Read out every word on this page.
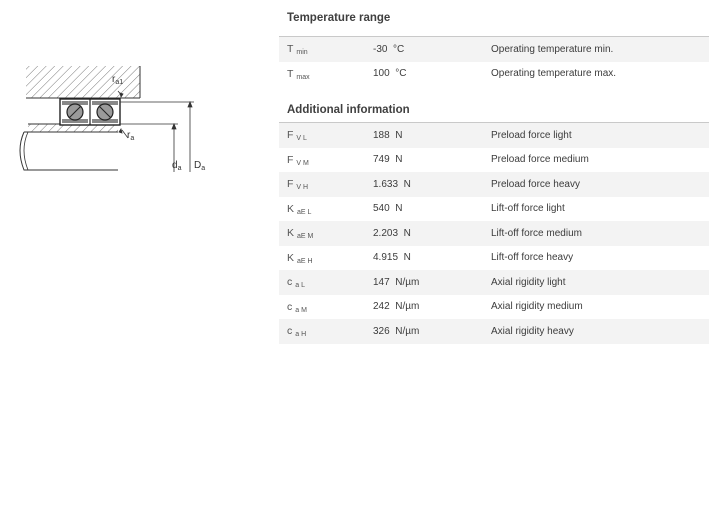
$r_{a1}$
$r_a$
$d_a$ $D_a$
Temperature range
T $_{min}$	-30 °C	Operating temperature min.
T $_{max}$	100 °C	Operating temperature max.
Additional information
F $_{V L}$	188 N	Preload force light
F $_{V M}$	749 N	Preload force medium
F $_{V H}$	1.633 N	Preload force heavy
K $_{aE L}$	540 N	Lift-off force light
K $_{aE M}$	2.203 N	Lift-off force medium
K $_{aE H}$	4.915 N	Lift-off force heavy
c $_{a L}$	147 N/µm	Axial rigidity light
c $_{a M}$	242 N/µm	Axial rigidity medium
c $_{a H}$	326 N/µm	Axial rigidity heavy
